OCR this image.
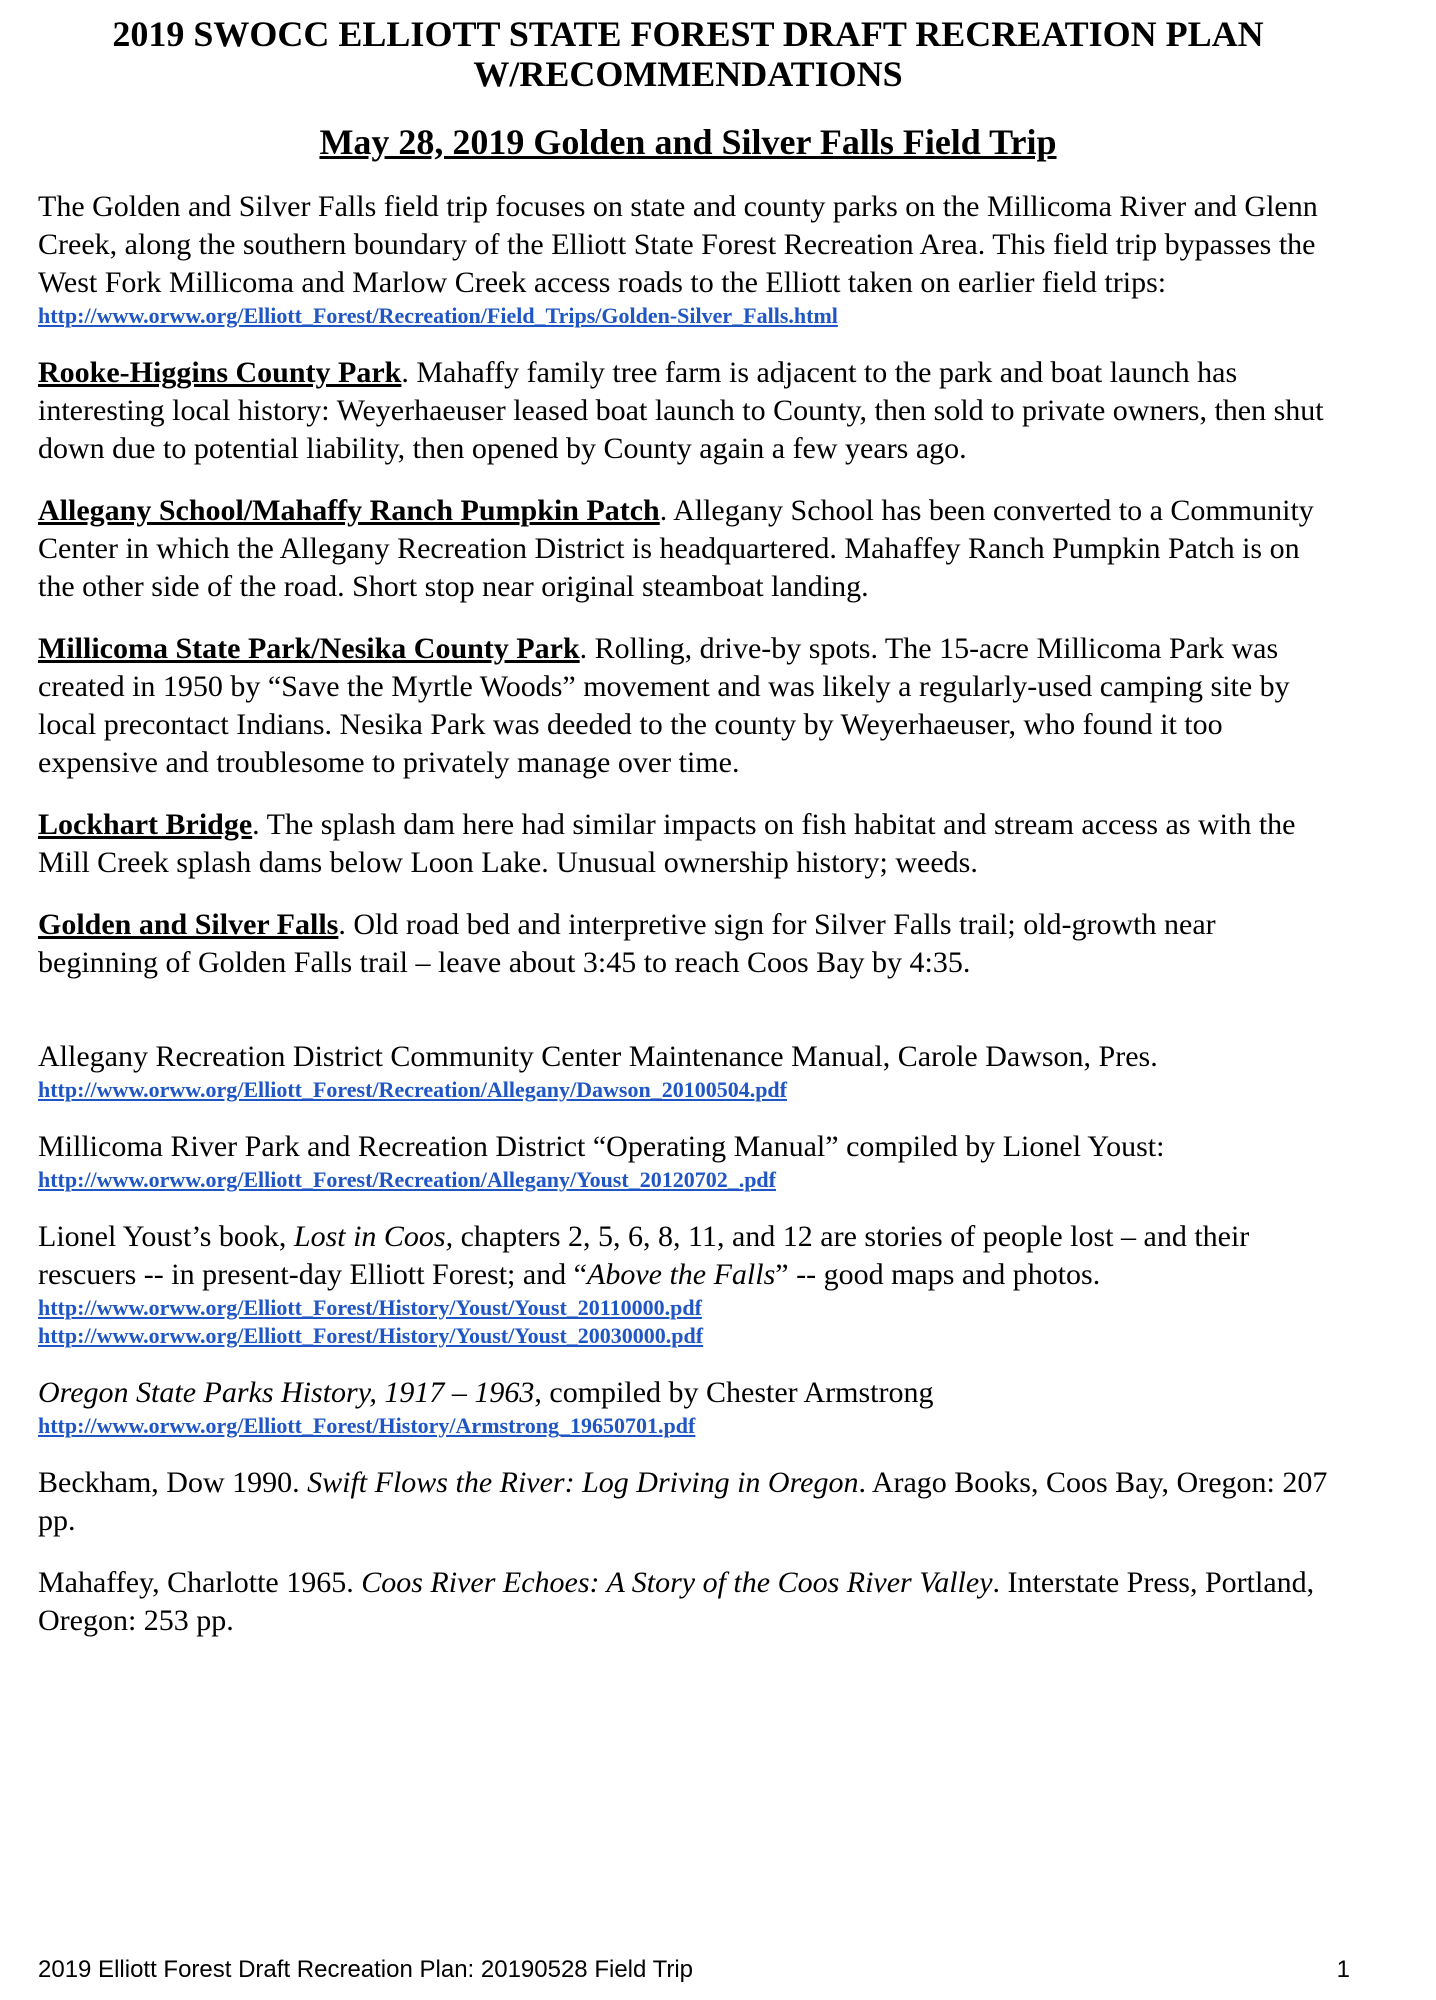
2019 SWOCC ELLIOTT STATE FOREST DRAFT RECREATION PLAN
W/RECOMMENDATIONS
May 28, 2019 Golden and Silver Falls Field Trip

The Golden and Silver Falls field trip focuses on state and county parks on the Millicoma River and Glenn Creek, along the southern boundary of the Elliott State Forest Recreation Area. This field trip bypasses the West Fork Millicoma and Marlow Creek access roads to the Elliott taken on earlier field trips:

http://www.orww.org/Elliott_Forest/Recreation/Field_Trips/Golden-Silver_Falls.html

Rooke-Higgins County Park. Mahaffy family tree farm is adjacent to the park and boat launch has interesting local history: Weyerhaeuser leased boat launch to County, then sold to private owners, then shut down due to potential liability, then opened by County again a few years ago.

Allegany School/Mahaffy Ranch Pumpkin Patch. Allegany School has been converted to a Community Center in which the Allegany Recreation District is headquartered. Mahaffey Ranch Pumpkin Patch is on the other side of the road. Short stop near original steamboat landing.

Millicoma State Park/Nesika County Park. Rolling, drive-by spots. The 15-acre Millicoma Park was created in 1950 by “Save the Myrtle Woods” movement and was likely a regularly-used camping site by local precontact Indians. Nesika Park was deeded to the county by Weyerhaeuser, who found it too expensive and troublesome to privately manage over time.

Lockhart Bridge. The splash dam here had similar impacts on fish habitat and stream access as with the Mill Creek splash dams below Loon Lake. Unusual ownership history; weeds.

Golden and Silver Falls. Old road bed and interpretive sign for Silver Falls trail; old-growth near beginning of Golden Falls trail – leave about 3:45 to reach Coos Bay by 4:35.

Allegany Recreation District Community Center Maintenance Manual, Carole Dawson, Pres.

http://www.orww.org/Elliott_Forest/Recreation/Allegany/Dawson_20100504.pdf

Millicoma River Park and Recreation District “Operating Manual” compiled by Lionel Youst:

http://www.orww.org/Elliott_Forest/Recreation/Allegany/Youst_20120702_.pdf

Lionel Youst’s book, Lost in Coos, chapters 2, 5, 6, 8, 11, and 12 are stories of people lost – and their rescuers -- in present-day Elliott Forest; and “Above the Falls” -- good maps and photos.

http://www.orww.org/Elliott_Forest/History/Youst/Youst_20110000.pdf
http://www.orww.org/Elliott_Forest/History/Youst/Youst_20030000.pdf

Oregon State Parks History, 1917 – 1963, compiled by Chester Armstrong

http://www.orww.org/Elliott_Forest/History/Armstrong_19650701.pdf

Beckham, Dow 1990. Swift Flows the River: Log Driving in Oregon. Arago Books, Coos Bay, Oregon: 207 pp.

Mahaffey, Charlotte 1965. Coos River Echoes: A Story of the Coos River Valley. Interstate Press, Portland, Oregon: 253 pp.

2019 Elliott Forest Draft Recreation Plan: 20190528 Field Trip	1
